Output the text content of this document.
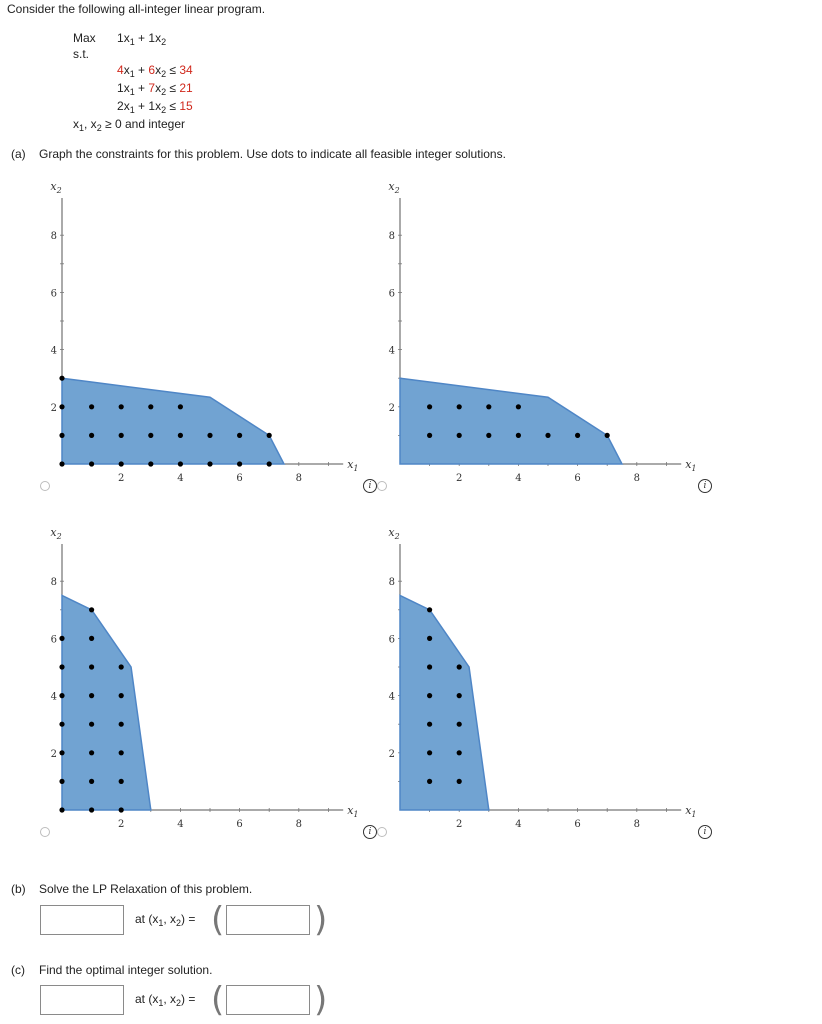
Consider the following all-integer linear program.
Max $1x_1 + 1x_2$
s.t.
$4x_1 + 6x_2 \le 34$
$1x_1 + 7x_2 \le 21$
$2x_1 + 1x_2 \le 15$
$x_1$, $x_2 \ge 0$ and integer
(a) Graph the constraints for this problem. Use dots to indicate all feasible integer solutions.
2	4	6	8
2
4
6
8
$x_1$
$x_2$
2	4	6	8
2
4
6
8
$x_1$
$x_2$
2	4	6	8
2
4
6
8
$x_1$
$x_2$
2	4	6	8
2
4
6
8
$x_1$
$x_2$
i	i
i	i
(b) Solve the LP Relaxation of this problem.
at ($x_1$, $x_2$) = (	)
(c) Find the optimal integer solution.
at ($x_1$, $x_2$) = (	)
